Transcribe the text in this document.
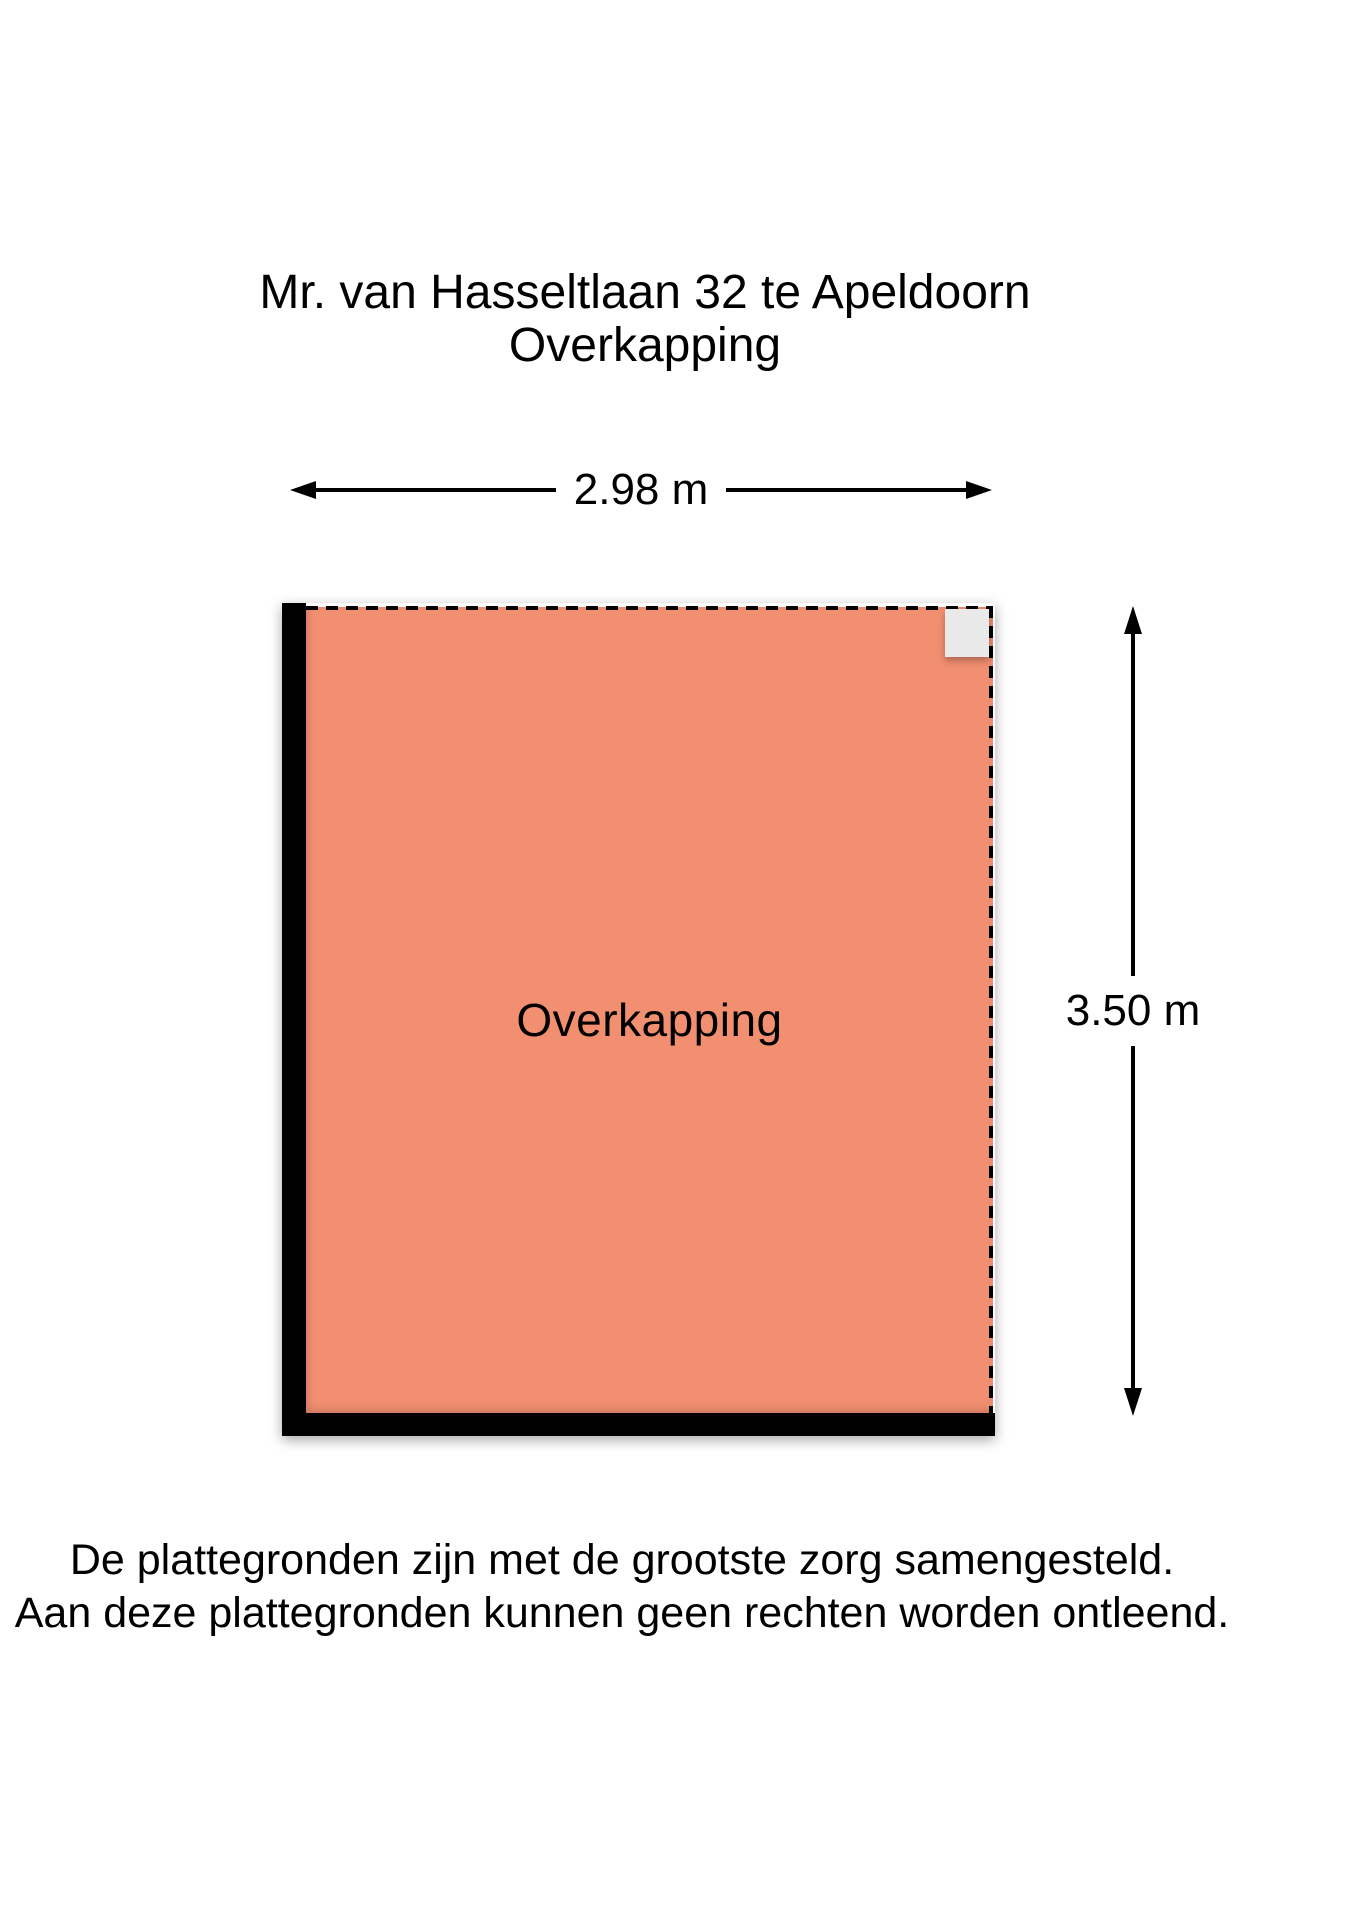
Mr. van Hasseltlaan 32 te Apeldoorn
Overkapping
2.98 m
Overkapping	3.50 m
De plattegronden zijn met de grootste zorg samengesteld.
Aan deze plattegronden kunnen geen rechten worden ontleend.
